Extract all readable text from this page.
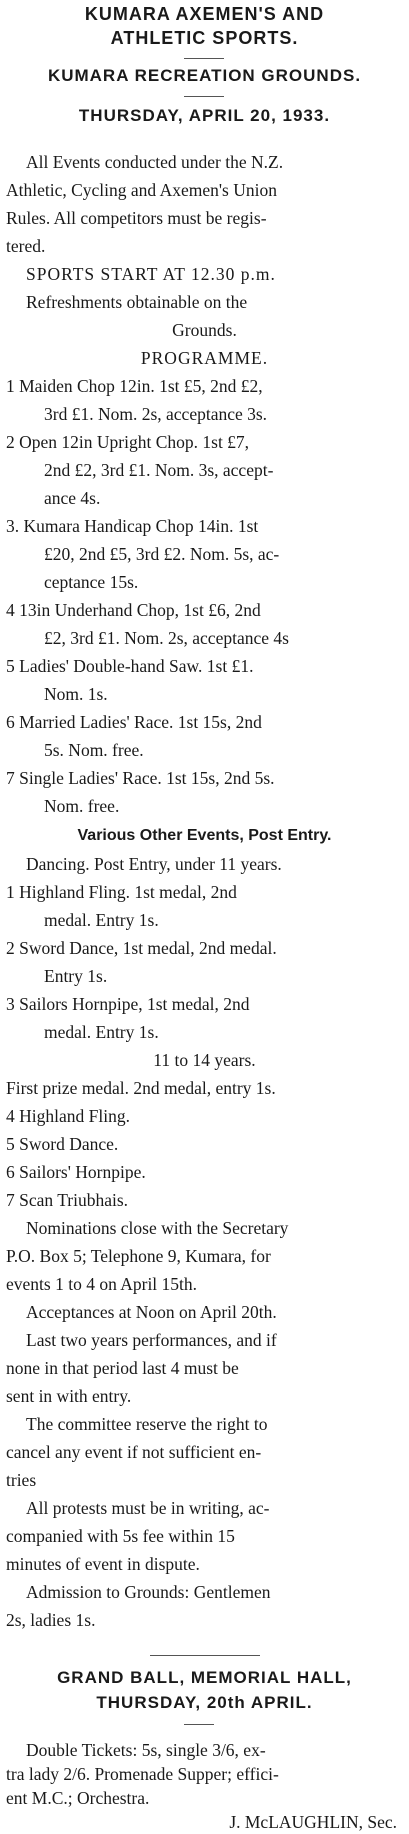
KUMARA AXEMEN'S AND
ATHLETIC SPORTS.
KUMARA RECREATION GROUNDS.
THURSDAY, APRIL 20, 1933.
All Events conducted under the N.Z.
Athletic, Cycling and Axemen's Union
Rules. All competitors must be regis-
tered.
SPORTS START AT 12.30 p.m.
Refreshments obtainable on the
Grounds.
PROGRAMME.
1 Maiden Chop 12in. 1st £5, 2nd £2,
3rd £1. Nom. 2s, acceptance 3s.
2 Open 12in Upright Chop. 1st £7,
2nd £2, 3rd £1. Nom. 3s, accept-
ance 4s.
3. Kumara Handicap Chop 14in. 1st
£20, 2nd £5, 3rd £2. Nom. 5s, ac-
ceptance 15s.
4 13in Underhand Chop, 1st £6, 2nd
£2, 3rd £1. Nom. 2s, acceptance 4s
5 Ladies' Double-hand Saw. 1st £1.
Nom. 1s.
6 Married Ladies' Race. 1st 15s, 2nd
5s. Nom. free.
7 Single Ladies' Race. 1st 15s, 2nd 5s.
Nom. free.
Various Other Events, Post Entry.
Dancing. Post Entry, under 11 years.
1 Highland Fling. 1st medal, 2nd
medal. Entry 1s.
2 Sword Dance, 1st medal, 2nd medal.
Entry 1s.
3 Sailors Hornpipe, 1st medal, 2nd
medal. Entry 1s.
11 to 14 years.
First prize medal. 2nd medal, entry 1s.
4 Highland Fling.
5 Sword Dance.
6 Sailors' Hornpipe.
7 Scan Triubhais.
Nominations close with the Secretary
P.O. Box 5; Telephone 9, Kumara, for
events 1 to 4 on April 15th.
Acceptances at Noon on April 20th.
Last two years performances, and if
none in that period last 4 must be
sent in with entry.
The committee reserve the right to
cancel any event if not sufficient en-
tries
All protests must be in writing, ac-
companied with 5s fee within 15
minutes of event in dispute.
Admission to Grounds: Gentlemen
2s, ladies 1s.
GRAND BALL, MEMORIAL HALL,
THURSDAY, 20th APRIL.
Double Tickets: 5s, single 3/6, ex-
tra lady 2/6. Promenade Supper; effici-
ent M.C.; Orchestra.
J. McLAUGHLIN, Sec.
